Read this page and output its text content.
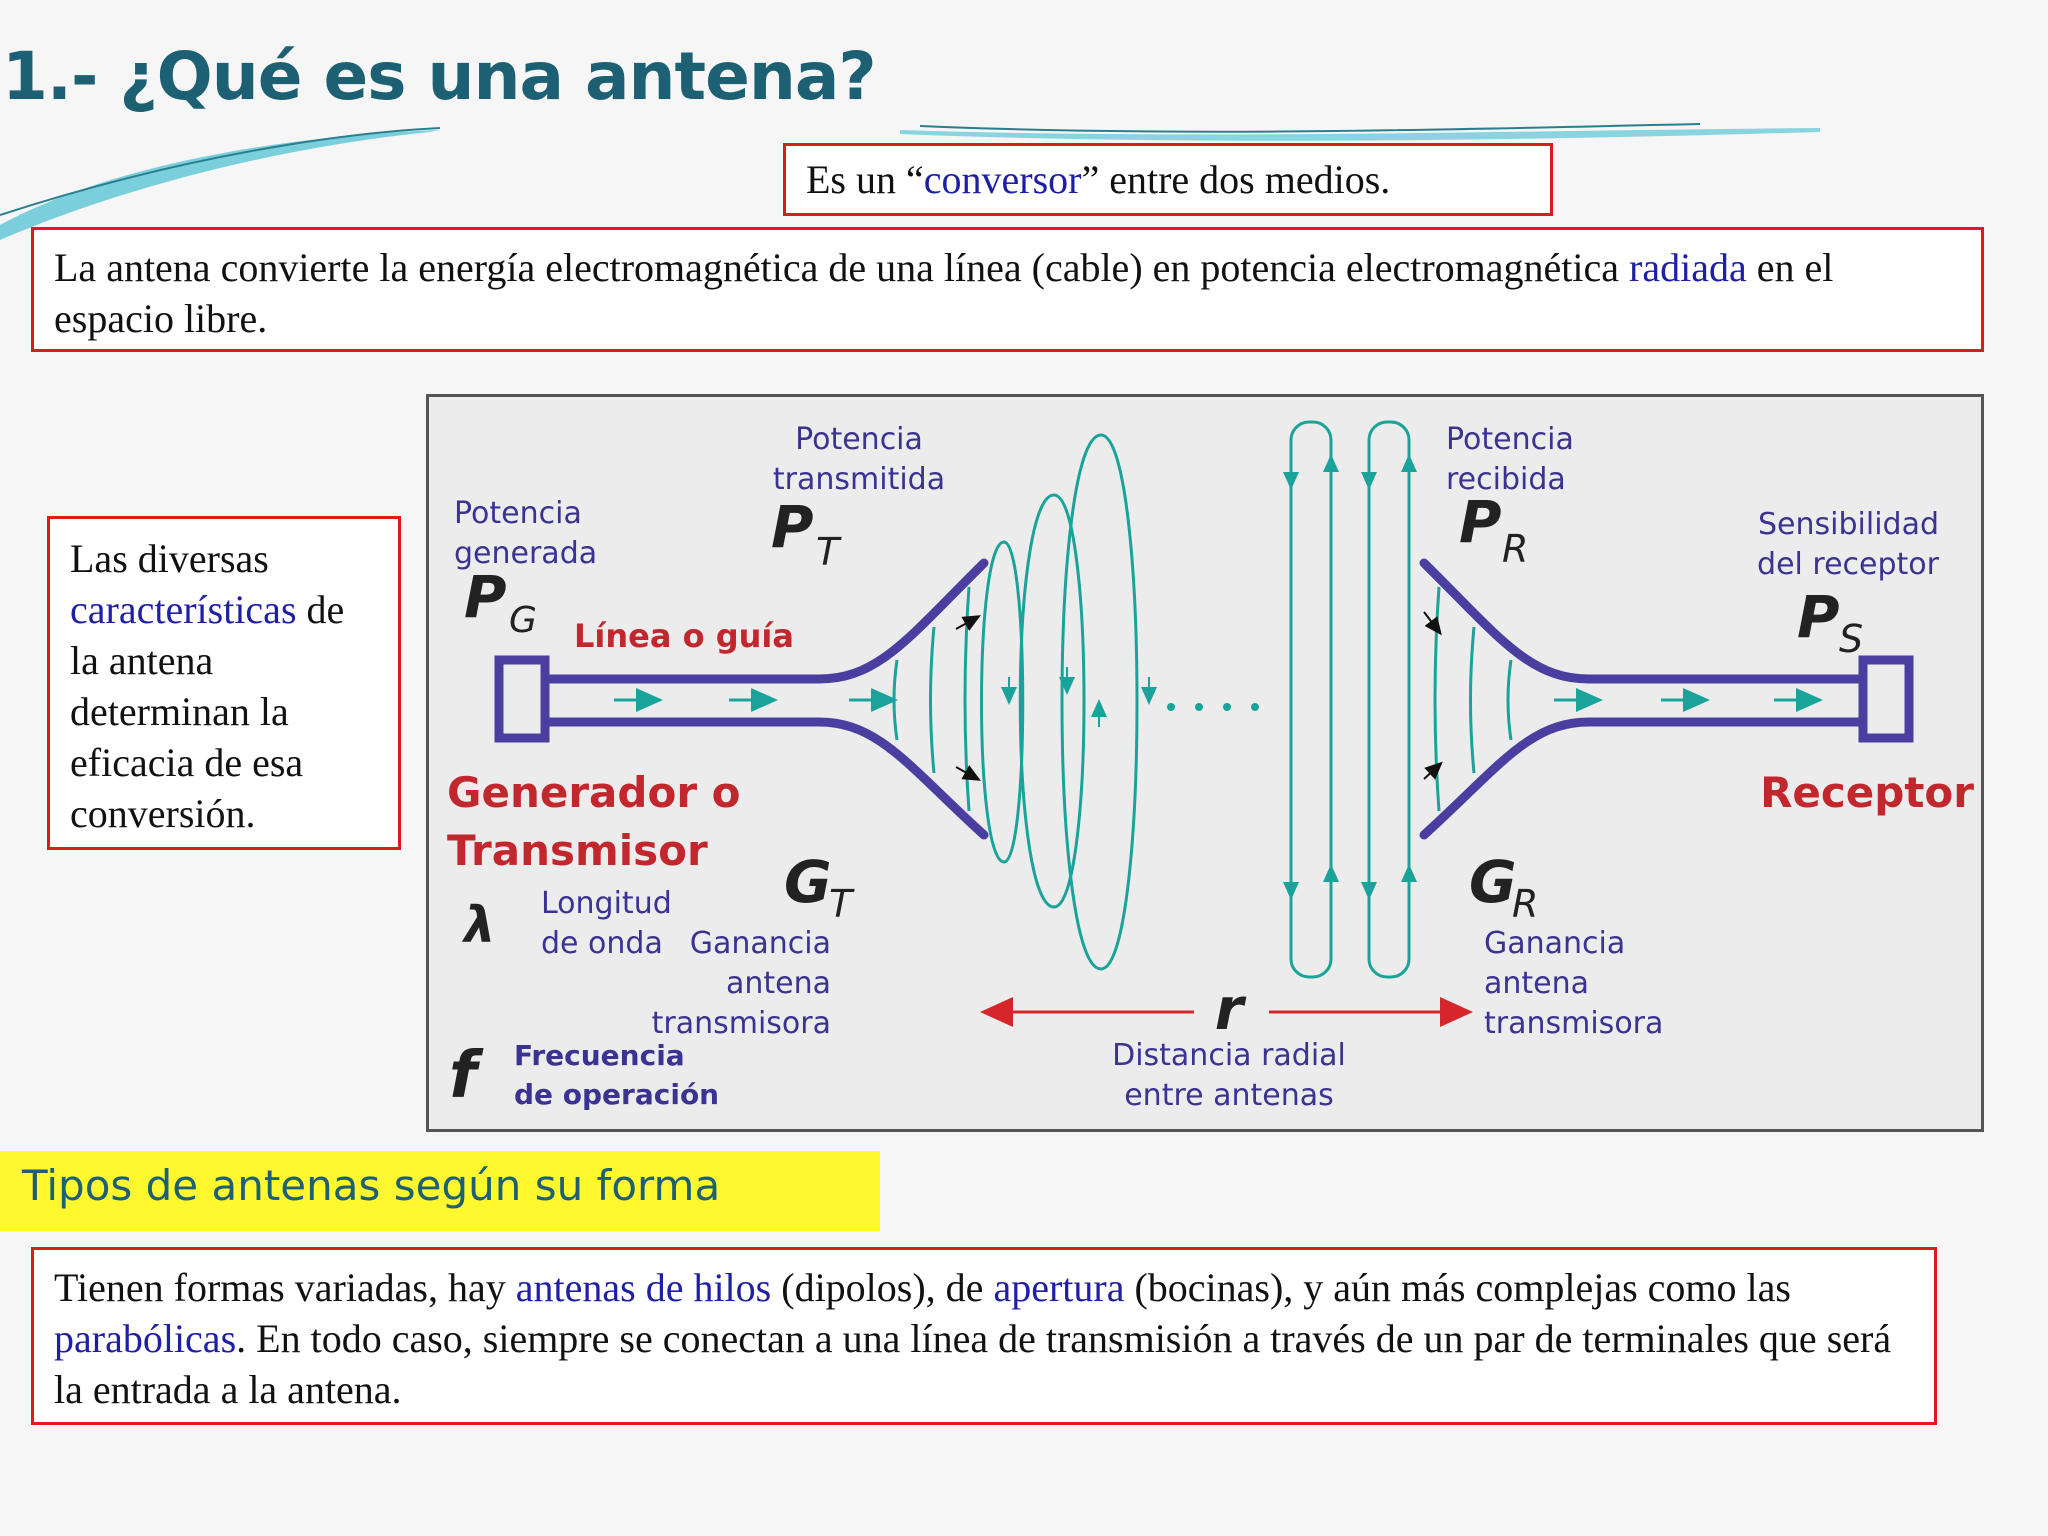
1.- ¿Qué es una antena?
Es un “conversor” entre dos medios.
La antena convierte la energía electromagnética de una línea (cable) en potencia electromagnética radiada en el espacio libre.
Las diversas características de la antena determinan la eficacia de esa conversión.
Potencia
generada
P G Línea o guía
Generador o
Transmisor
λ Longitud
de onda
f Frecuencia
de operación
Potencia
transmitida
P T
G
T
Ganancia
antena
transmisora	r
Distancia radial
entre antenas
Potencia
recibida
P R
G
R
Ganancia
antena
transmisora
Sensibilidad
del receptor
P S
Receptor
Tipos de antenas según su forma
Tienen formas variadas, hay antenas de hilos (dipolos), de apertura (bocinas), y aún más complejas como las parabólicas. En todo caso, siempre se conectan a una línea de transmisión a través de un par de terminales que será la entrada a la antena.
